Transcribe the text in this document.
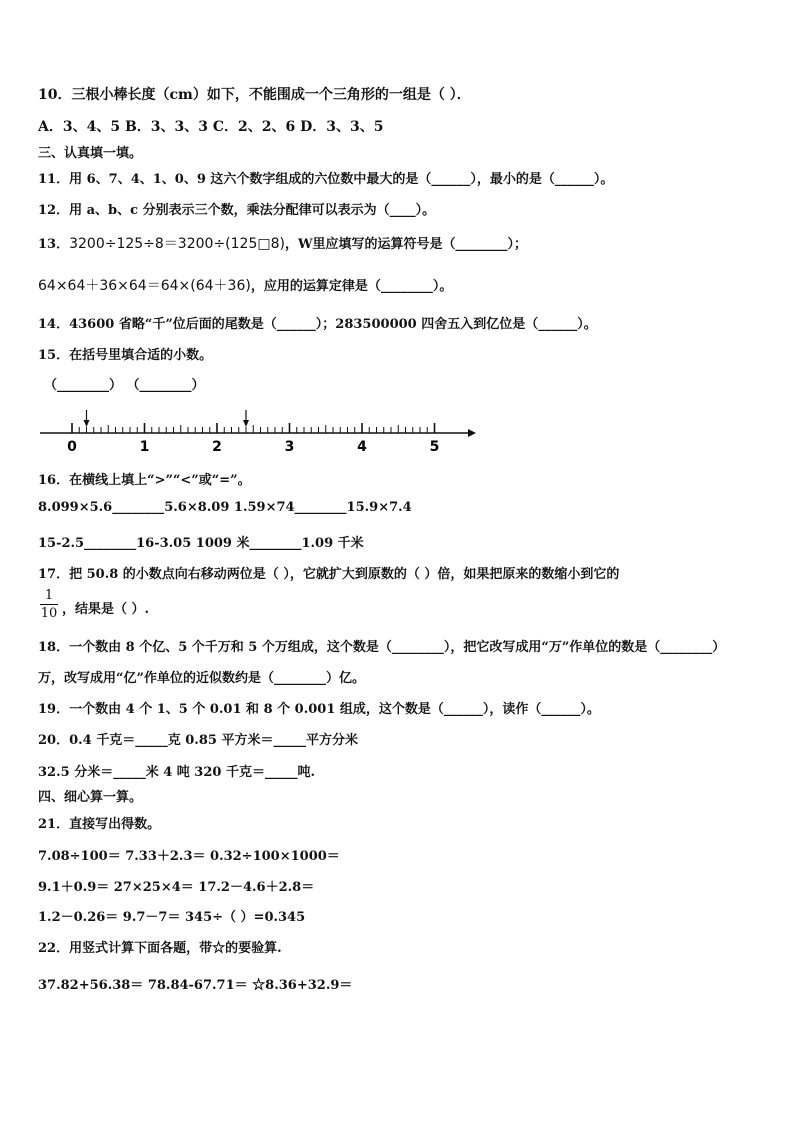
10．三根小棒长度（cm）如下，不能围成一个三角形的一组是（ ）．
A．3、4、5 B．3、3、3 C．2、2、6 D．3、3、5
三、认真填一填。
11．用 6、7、4、1、0、9 这六个数字组成的六位数中最大的是（______），最小的是（______）。
12．用 a、b、c 分别表示三个数，乘法分配律可以表示为（____）。
13．3200÷125÷8＝3200÷(125□8)，W里应填写的运算符号是（________）；
64×64＋36×64＝64×(64＋36)，应用的运算定律是（________）。
14．43600 省略“千”位后面的尾数是（______）；283500000 四舍五入到亿位是（______）。
15．在括号里填合适的小数。
（________） （________）
0	1	2	3	4	5
16．在横线上填上“>”“<”或“=”。
8.099×5.6________5.6×8.09 1.59×74________15.9×7.4
15-2.5________16-3.05 1009 米________1.09 千米
17．把 50.8 的小数点向右移动两位是（ ），它就扩大到原数的（ ）倍，如果把原来的数缩小到它的
$\frac{1}{10}$ ，结果是（ ）.
18．一个数由 8 个亿、5 个千万和 5 个万组成，这个数是（________），把它改写成用“万”作单位的数是（________）
万，改写成用“亿”作单位的近似数约是（________）亿。
19．一个数由 4 个 1、5 个 0.01 和 8 个 0.001 组成，这个数是（______），读作（______）。
20．0.4 千克＝_____克 0.85 平方米＝_____平方分米
32.5 分米＝_____米 4 吨 320 千克＝_____吨.
四、细心算一算。
21．直接写出得数。
7.08÷100＝ 7.33＋2.3＝ 0.32÷100×1000＝
9.1＋0.9＝ 27×25×4＝ 17.2－4.6＋2.8＝
1.2－0.26＝ 9.7－7＝ 345÷（ ）=0.345
22．用竖式计算下面各题，带☆的要验算.
37.82+56.38＝ 78.84-67.71＝ ☆8.36+32.9＝
